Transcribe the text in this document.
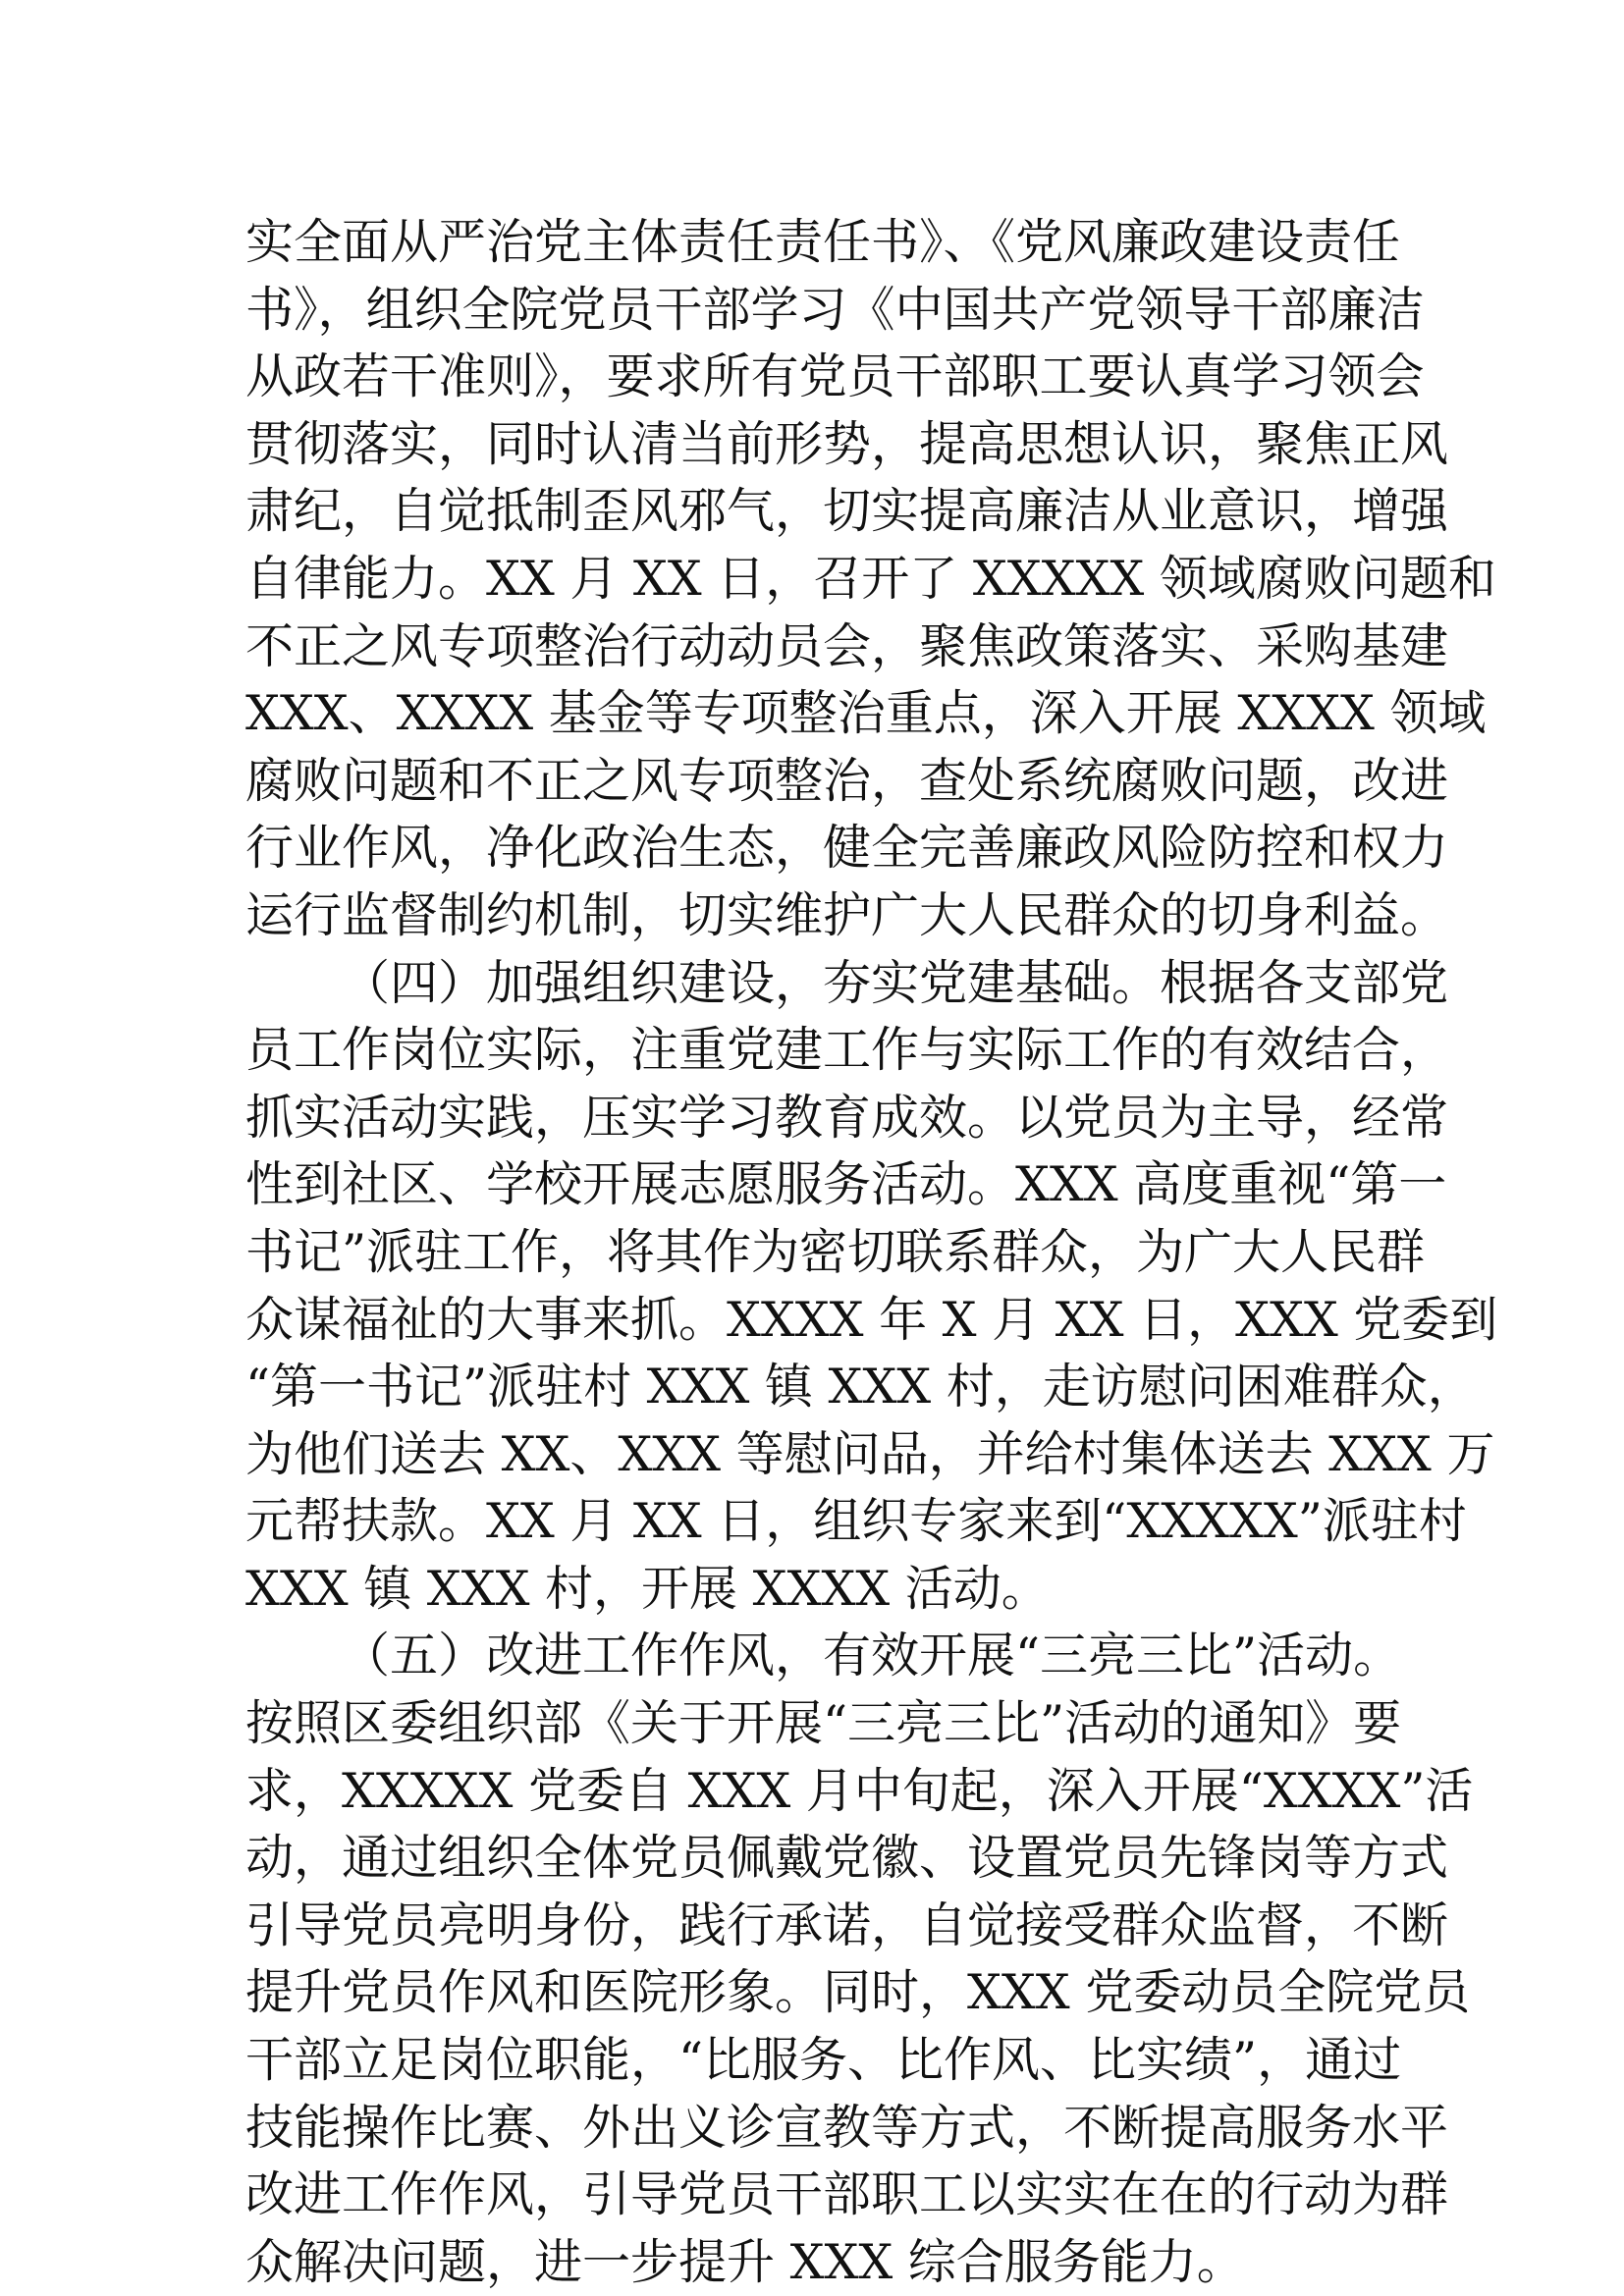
实全面从严治党主体责任责任书》、《党风廉政建设责任
书》，组织全院党员干部学习《中国共产党领导干部廉洁
从政若干准则》，要求所有党员干部职工要认真学习领会
贯彻落实，同时认清当前形势，提高思想认识，聚焦正风
肃纪，自觉抵制歪风邪气，切实提高廉洁从业意识，增强
自律能力。XX 月 XX 日，召开了 XXXXX 领域腐败问题和
不正之风专项整治行动动员会，聚焦政策落实、采购基建
XXX、XXXX 基金等专项整治重点，深入开展 XXXX 领域
腐败问题和不正之风专项整治，查处系统腐败问题，改进
行业作风，净化政治生态，健全完善廉政风险防控和权力
运行监督制约机制，切实维护广大人民群众的切身利益。
（四）加强组织建设，夯实党建基础。根据各支部党
员工作岗位实际，注重党建工作与实际工作的有效结合，
抓实活动实践，压实学习教育成效。以党员为主导，经常
性到社区、学校开展志愿服务活动。XXX 高度重视“第一
书记”派驻工作，将其作为密切联系群众，为广大人民群
众谋福祉的大事来抓。XXXX 年 X 月 XX 日，XXX 党委到
“第一书记”派驻村 XXX 镇 XXX 村，走访慰问困难群众，
为他们送去 XX、XXX 等慰问品，并给村集体送去 XXX 万
元帮扶款。XX 月 XX 日，组织专家来到“XXXXX”派驻村
XXX 镇 XXX 村，开展 XXXX 活动。
（五）改进工作作风，有效开展“三亮三比”活动。
按照区委组织部《关于开展“三亮三比”活动的通知》要
求，XXXXX 党委自 XXX 月中旬起，深入开展“XXXX”活
动，通过组织全体党员佩戴党徽、设置党员先锋岗等方式
引导党员亮明身份，践行承诺，自觉接受群众监督，不断
提升党员作风和医院形象。同时，XXX 党委动员全院党员
干部立足岗位职能，“比服务、比作风、比实绩”，通过
技能操作比赛、外出义诊宣教等方式，不断提高服务水平
改进工作作风，引导党员干部职工以实实在在的行动为群
众解决问题，进一步提升 XXX 综合服务能力。
